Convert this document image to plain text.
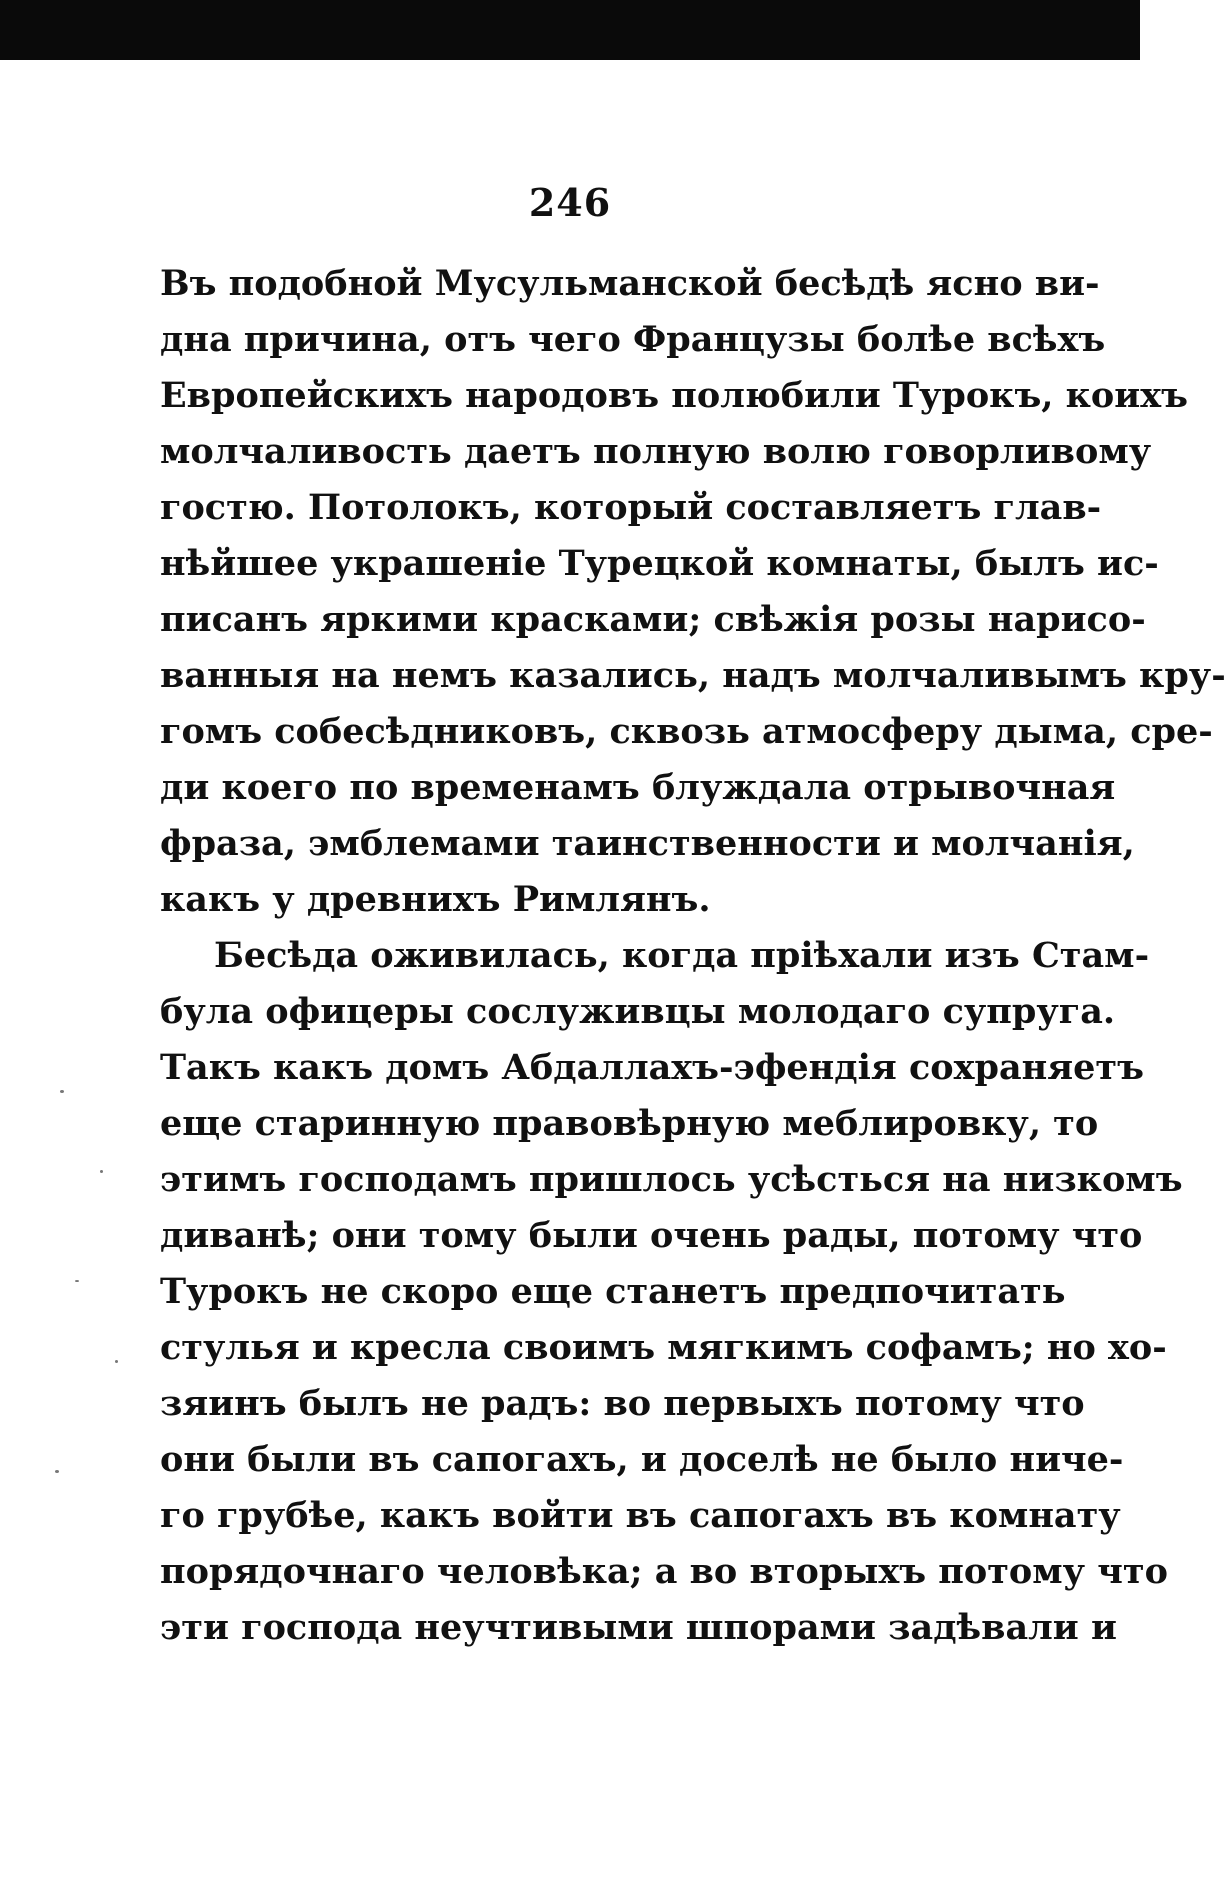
246
Въ подобной Мусульманской бесѣдѣ ясно ви-
дна причина, отъ чего Французы болѣе всѣхъ
Европейскихъ народовъ полюбили Турокъ, коихъ
молчаливость даетъ полную волю говорливому
гостю. Потолокъ, который составляетъ глав-
нѣйшее украшеніе Турецкой комнаты, былъ ис-
писанъ яркими красками; свѣжія розы нарисо-
ванныя на немъ казались, надъ молчаливымъ кру-
гомъ собесѣдниковъ, сквозь атмосферу дыма, сре-
ди коего по временамъ блуждала отрывочная
фраза, эмблемами таинственности и молчанія,
какъ у древнихъ Римлянъ.
Бесѣда оживилась, когда пріѣхали изъ Стам-
була офицеры сослуживцы молодаго супруга.
Такъ какъ домъ Абдаллахъ-эфендія сохраняетъ
еще старинную правовѣрную меблировку, то
этимъ господамъ пришлось усѣсться на низкомъ
диванѣ; они тому были очень рады, потому что
Турокъ не скоро еще станетъ предпочитать
стулья и кресла своимъ мягкимъ софамъ; но хо-
зяинъ былъ не радъ: во первыхъ потому что
они были въ сапогахъ, и доселѣ не было ниче-
го грубѣе, какъ войти въ сапогахъ въ комнату
порядочнаго человѣка; а во вторыхъ потому что
эти господа неучтивыми шпорами задѣвали и
